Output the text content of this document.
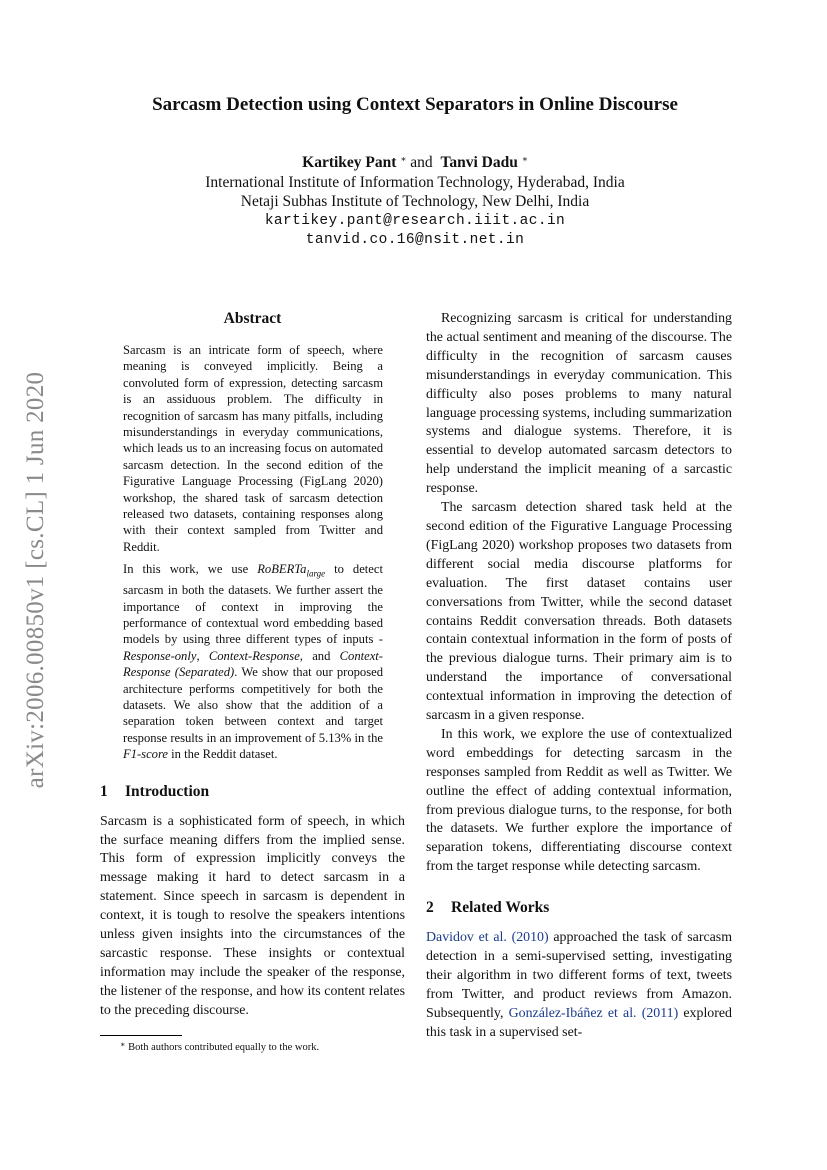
arXiv:2006.00850v1 [cs.CL] 1 Jun 2020
Sarcasm Detection using Context Separators in Online Discourse
Kartikey Pant ∗ and Tanvi Dadu ∗
International Institute of Information Technology, Hyderabad, India
Netaji Subhas Institute of Technology, New Delhi, India
kartikey.pant@research.iiit.ac.in
tanvid.co.16@nsit.net.in
Abstract

Sarcasm is an intricate form of speech, where meaning is conveyed implicitly. Being a convoluted form of expression, detecting sarcasm is an assiduous problem. The difficulty in recognition of sarcasm has many pitfalls, including misunderstandings in everyday communications, which leads us to an increasing focus on automated sarcasm detection. In the second edition of the Figurative Language Processing (FigLang 2020) workshop, the shared task of sarcasm detection released two datasets, containing responses along with their context sampled from Twitter and Reddit.

In this work, we use RoBERTa$_{large}$ to detect sarcasm in both the datasets. We further assert the importance of context in improving the performance of contextual word embedding based models by using three different types of inputs - Response-only, Context-Response, and Context-Response (Separated). We show that our proposed architecture performs competitively for both the datasets. We also show that the addition of a separation token between context and target response results in an improvement of 5.13% in the F1-score in the Reddit dataset.

1 Introduction

Sarcasm is a sophisticated form of speech, in which the surface meaning differs from the implied sense. This form of expression implicitly conveys the message making it hard to detect sarcasm in a statement. Since speech in sarcasm is dependent in context, it is tough to resolve the speakers intentions unless given insights into the circumstances of the sarcastic response. These insights or contextual information may include the speaker of the response, the listener of the response, and how its content relates to the preceding discourse.

∗ Both authors contributed equally to the work.

Recognizing sarcasm is critical for understanding the actual sentiment and meaning of the discourse. The difficulty in the recognition of sarcasm causes misunderstandings in everyday communication. This difficulty also poses problems to many natural language processing systems, including summarization systems and dialogue systems. Therefore, it is essential to develop automated sarcasm detectors to help understand the implicit meaning of a sarcastic response.

The sarcasm detection shared task held at the second edition of the Figurative Language Processing (FigLang 2020) workshop proposes two datasets from different social media discourse platforms for evaluation. The first dataset contains user conversations from Twitter, while the second dataset contains Reddit conversation threads. Both datasets contain contextual information in the form of posts of the previous dialogue turns. Their primary aim is to understand the importance of conversational contextual information in improving the detection of sarcasm in a given response.

In this work, we explore the use of contextualized word embeddings for detecting sarcasm in the responses sampled from Reddit as well as Twitter. We outline the effect of adding contextual information, from previous dialogue turns, to the response, for both the datasets. We further explore the importance of separation tokens, differentiating discourse context from the target response while detecting sarcasm.

2 Related Works

Davidov et al. (2010) approached the task of sarcasm detection in a semi-supervised setting, investigating their algorithm in two different forms of text, tweets from Twitter, and product reviews from Amazon. Subsequently, González-Ibáñez et al. (2011) explored this task in a supervised set-
